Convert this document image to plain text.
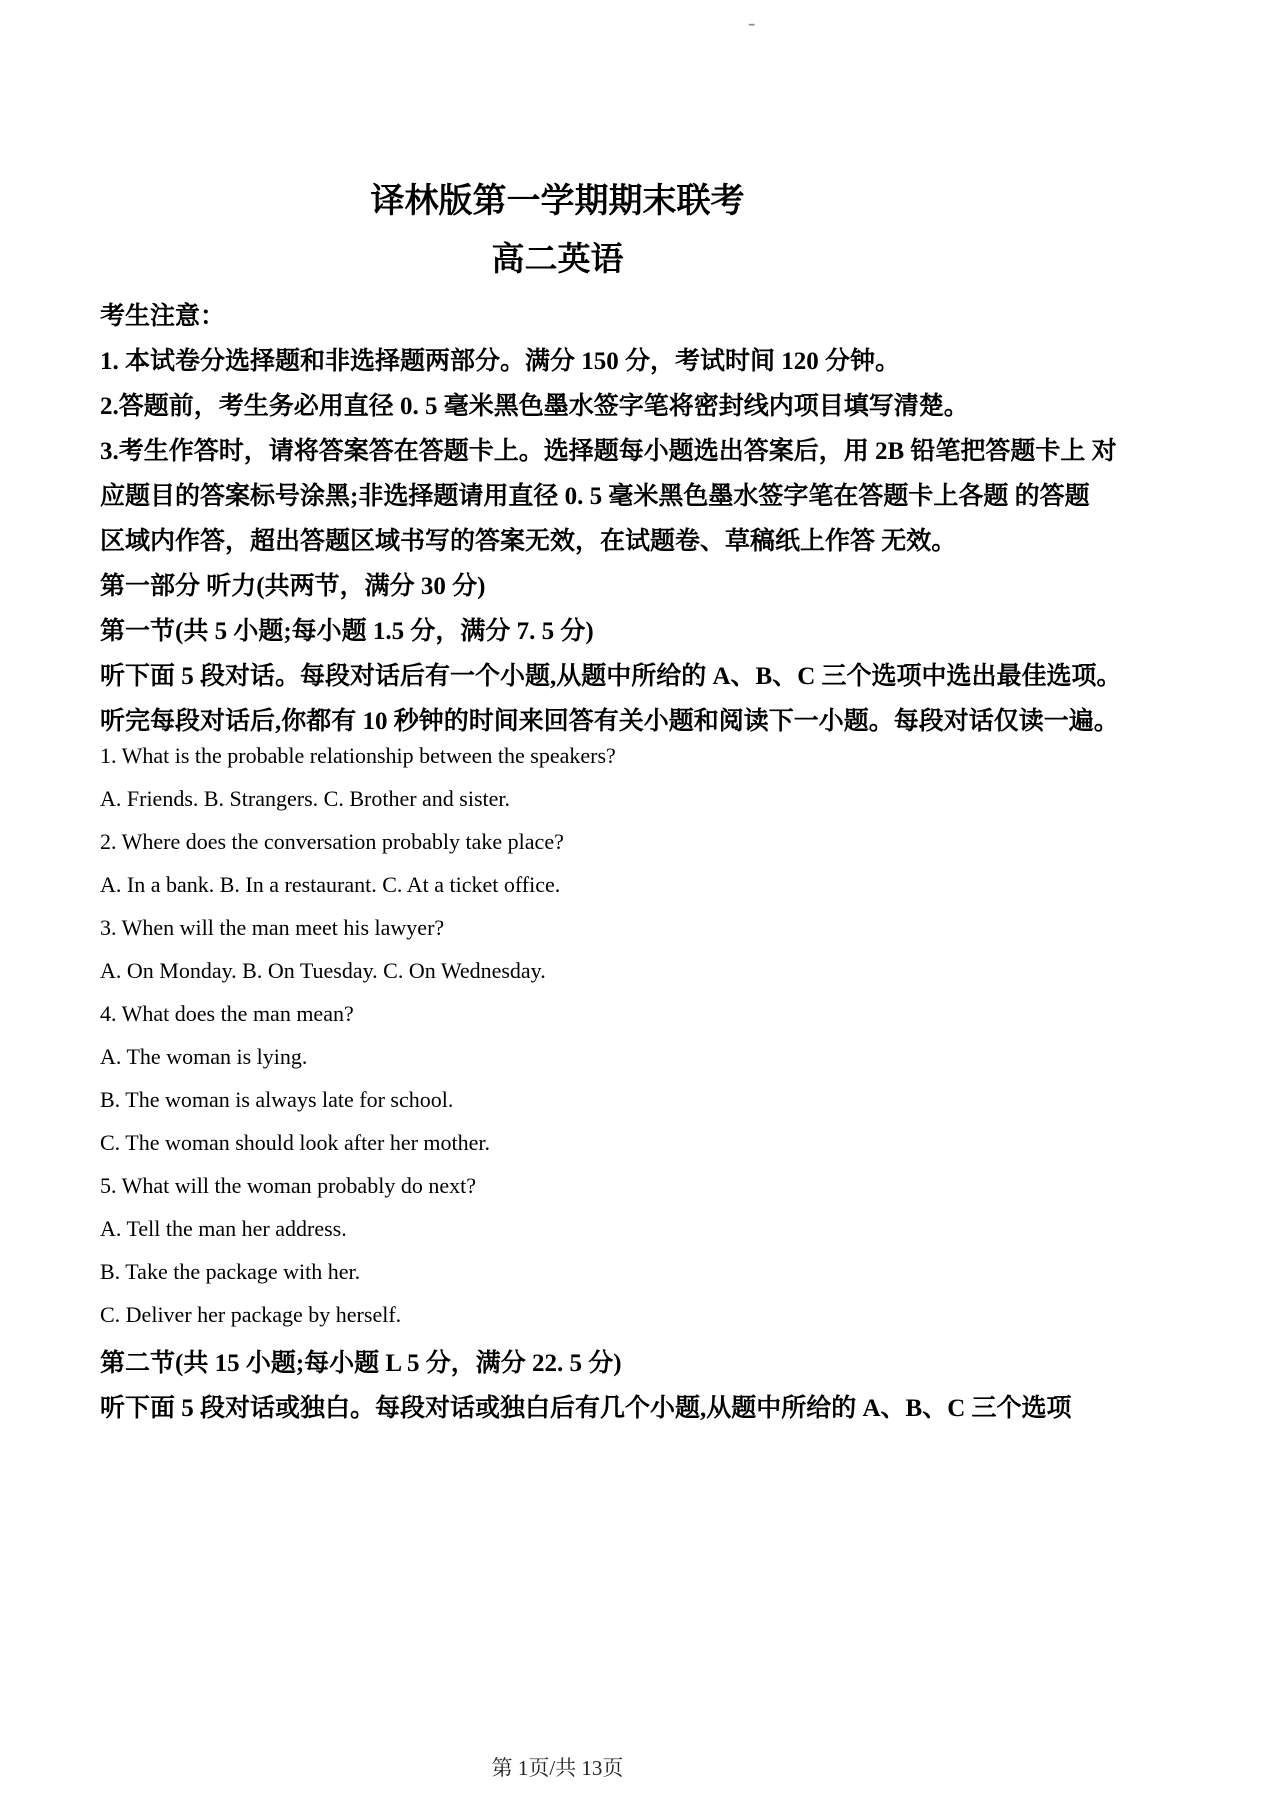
-
译林版第一学期期末联考
高二英语

考生注意：

1. 本试卷分选择题和非选择题两部分。满分 150 分，考试时间 120 分钟。

2.答题前，考生务必用直径 0. 5 毫米黑色墨水签字笔将密封线内项目填写清楚。

3.考生作答时，请将答案答在答题卡上。选择题每小题选出答案后，用 2B 铅笔把答题卡上 对

应题目的答案标号涂黑;非选择题请用直径 0. 5 毫米黑色墨水签字笔在答题卡上各题 的答题

区域内作答，超出答题区域书写的答案无效，在试题卷、草稿纸上作答 无效。

第一部分 听力(共两节，满分 30 分)

第一节(共 5 小题;每小题 1.5 分，满分 7. 5 分)

听下面 5 段对话。每段对话后有一个小题,从题中所给的 A、B、C 三个选项中选出最佳选项。

听完每段对话后,你都有 10 秒钟的时间来回答有关小题和阅读下一小题。每段对话仅读一遍。

1. What is the probable relationship between the speakers?

A. Friends. B. Strangers. C. Brother and sister.

2. Where does the conversation probably take place?

A. In a bank. B. In a restaurant. C. At a ticket office.

3. When will the man meet his lawyer?

A. On Monday. B. On Tuesday. C. On Wednesday.

4. What does the man mean?

A. The woman is lying.

B. The woman is always late for school.

C. The woman should look after her mother.

5. What will the woman probably do next?

A. Tell the man her address.

B. Take the package with her.

C. Deliver her package by herself.

第二节(共 15 小题;每小题 L 5 分，满分 22. 5 分)

听下面 5 段对话或独白。每段对话或独白后有几个小题,从题中所给的 A、B、C 三个选项

第 1页/共 13页
